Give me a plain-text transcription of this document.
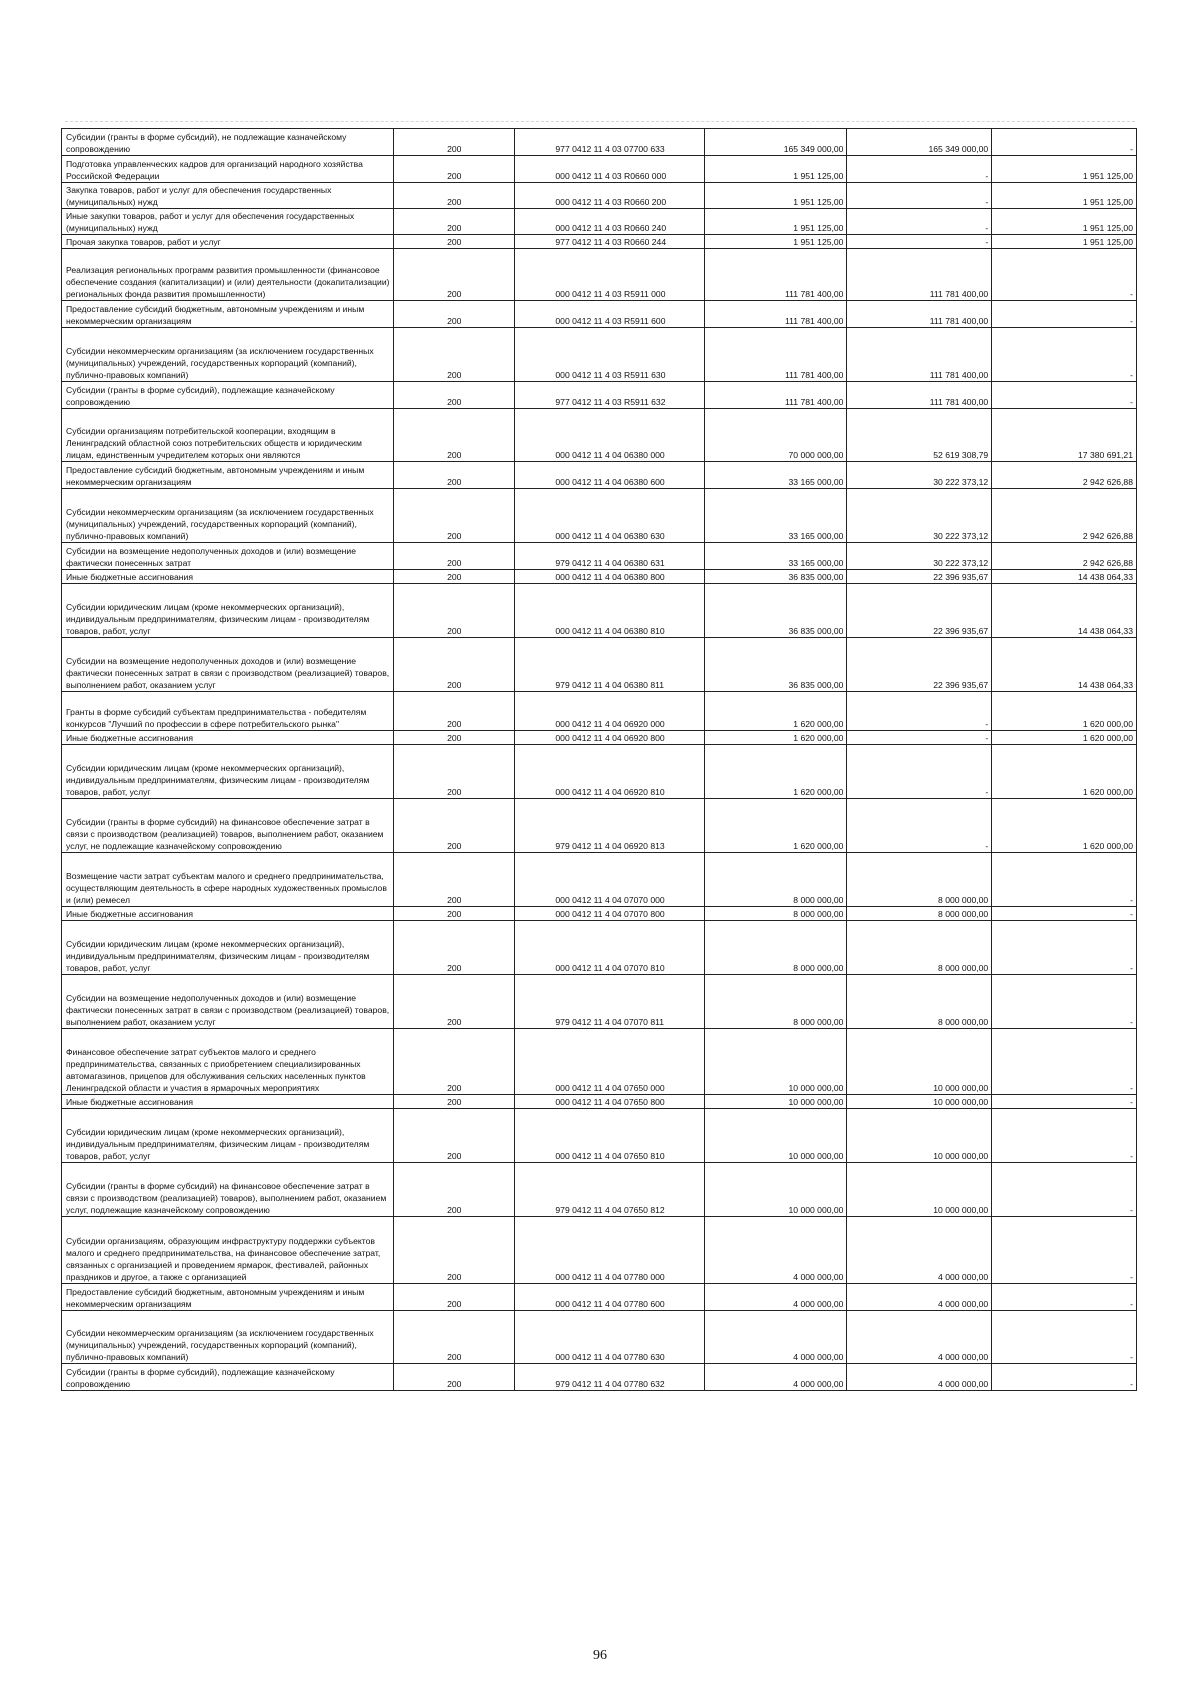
Субсидии (гранты в форме субсидий), не подлежащие казначейскому сопровождению	200	977 0412 11 4 03 07700 633	165 349 000,00	165 349 000,00	-
Подготовка управленческих кадров для организаций народного хозяйства Российской Федерации	200	000 0412 11 4 03 R0660 000	1 951 125,00	-	1 951 125,00
Закупка товаров, работ и услуг для обеспечения государственных (муниципальных) нужд	200	000 0412 11 4 03 R0660 200	1 951 125,00	-	1 951 125,00
Иные закупки товаров, работ и услуг для обеспечения государственных (муниципальных) нужд	200	000 0412 11 4 03 R0660 240	1 951 125,00	-	1 951 125,00
Прочая закупка товаров, работ и услуг	200	977 0412 11 4 03 R0660 244	1 951 125,00	-	1 951 125,00
Реализация региональных программ развития промышленности (финансовое обеспечение создания (капитализации) и (или) деятельности (докапитализации) региональных фонда развития промышленности)	200	000 0412 11 4 03 R5911 000	111 781 400,00	111 781 400,00	-
Предоставление субсидий бюджетным, автономным учреждениям и иным некоммерческим организациям	200	000 0412 11 4 03 R5911 600	111 781 400,00	111 781 400,00	-
Субсидии некоммерческим организациям (за исключением государственных (муниципальных) учреждений, государственных корпораций (компаний), публично-правовых компаний)	200	000 0412 11 4 03 R5911 630	111 781 400,00	111 781 400,00	-
Субсидии (гранты в форме субсидий), подлежащие казначейскому сопровождению	200	977 0412 11 4 03 R5911 632	111 781 400,00	111 781 400,00	-
Субсидии организациям потребительской кооперации, входящим в Ленинградский областной союз потребительских обществ и юридическим лицам, единственным учредителем которых они являются	200	000 0412 11 4 04 06380 000	70 000 000,00	52 619 308,79	17 380 691,21
Предоставление субсидий бюджетным, автономным учреждениям и иным некоммерческим организациям	200	000 0412 11 4 04 06380 600	33 165 000,00	30 222 373,12	2 942 626,88
Субсидии некоммерческим организациям (за исключением государственных (муниципальных) учреждений, государственных корпораций (компаний), публично-правовых компаний)	200	000 0412 11 4 04 06380 630	33 165 000,00	30 222 373,12	2 942 626,88
Субсидии на возмещение недополученных доходов и (или) возмещение фактически понесенных затрат	200	979 0412 11 4 04 06380 631	33 165 000,00	30 222 373,12	2 942 626,88
Иные бюджетные ассигнования	200	000 0412 11 4 04 06380 800	36 835 000,00	22 396 935,67	14 438 064,33
Субсидии юридическим лицам (кроме некоммерческих организаций), индивидуальным предпринимателям, физическим лицам - производителям товаров, работ, услуг	200	000 0412 11 4 04 06380 810	36 835 000,00	22 396 935,67	14 438 064,33
Субсидии на возмещение недополученных доходов и (или) возмещение фактически понесенных затрат в связи с производством (реализацией) товаров, выполнением работ, оказанием услуг	200	979 0412 11 4 04 06380 811	36 835 000,00	22 396 935,67	14 438 064,33
Гранты в форме субсидий субъектам предпринимательства - победителям конкурсов "Лучший по профессии в сфере потребительского рынка"	200	000 0412 11 4 04 06920 000	1 620 000,00	-	1 620 000,00
Иные бюджетные ассигнования	200	000 0412 11 4 04 06920 800	1 620 000,00	-	1 620 000,00
Субсидии юридическим лицам (кроме некоммерческих организаций), индивидуальным предпринимателям, физическим лицам - производителям товаров, работ, услуг	200	000 0412 11 4 04 06920 810	1 620 000,00	-	1 620 000,00
Субсидии (гранты в форме субсидий) на финансовое обеспечение затрат в связи с производством (реализацией) товаров, выполнением работ, оказанием услуг, не подлежащие казначейскому сопровождению	200	979 0412 11 4 04 06920 813	1 620 000,00	-	1 620 000,00
Возмещение части затрат субъектам малого и среднего предпринимательства, осуществляющим деятельность в сфере народных художественных промыслов и (или) ремесел	200	000 0412 11 4 04 07070 000	8 000 000,00	8 000 000,00	-
Иные бюджетные ассигнования	200	000 0412 11 4 04 07070 800	8 000 000,00	8 000 000,00	-
Субсидии юридическим лицам (кроме некоммерческих организаций), индивидуальным предпринимателям, физическим лицам - производителям товаров, работ, услуг	200	000 0412 11 4 04 07070 810	8 000 000,00	8 000 000,00	-
Субсидии на возмещение недополученных доходов и (или) возмещение фактически понесенных затрат в связи с производством (реализацией) товаров, выполнением работ, оказанием услуг	200	979 0412 11 4 04 07070 811	8 000 000,00	8 000 000,00	-
Финансовое обеспечение затрат субъектов малого и среднего предпринимательства, связанных с приобретением специализированных автомагазинов, прицепов для обслуживания сельских населенных пунктов Ленинградской области и участия в ярмарочных мероприятиях	200	000 0412 11 4 04 07650 000	10 000 000,00	10 000 000,00	-
Иные бюджетные ассигнования	200	000 0412 11 4 04 07650 800	10 000 000,00	10 000 000,00	-
Субсидии юридическим лицам (кроме некоммерческих организаций), индивидуальным предпринимателям, физическим лицам - производителям товаров, работ, услуг	200	000 0412 11 4 04 07650 810	10 000 000,00	10 000 000,00	-
Субсидии (гранты в форме субсидий) на финансовое обеспечение затрат в связи с производством (реализацией) товаров), выполнением работ, оказанием услуг, подлежащие казначейскому сопровождению	200	979 0412 11 4 04 07650 812	10 000 000,00	10 000 000,00	-
Субсидии организациям, образующим инфраструктуру поддержки субъектов малого и среднего предпринимательства, на финансовое обеспечение затрат, связанных с организацией и проведением ярмарок, фестивалей, районных праздников и другое, а также с организацией	200	000 0412 11 4 04 07780 000	4 000 000,00	4 000 000,00	-
Предоставление субсидий бюджетным, автономным учреждениям и иным некоммерческим организациям	200	000 0412 11 4 04 07780 600	4 000 000,00	4 000 000,00	-
Субсидии некоммерческим организациям (за исключением государственных (муниципальных) учреждений, государственных корпораций (компаний), публично-правовых компаний)	200	000 0412 11 4 04 07780 630	4 000 000,00	4 000 000,00	-
Субсидии (гранты в форме субсидий), подлежащие казначейскому сопровождению	200	979 0412 11 4 04 07780 632	4 000 000,00	4 000 000,00	-
96
